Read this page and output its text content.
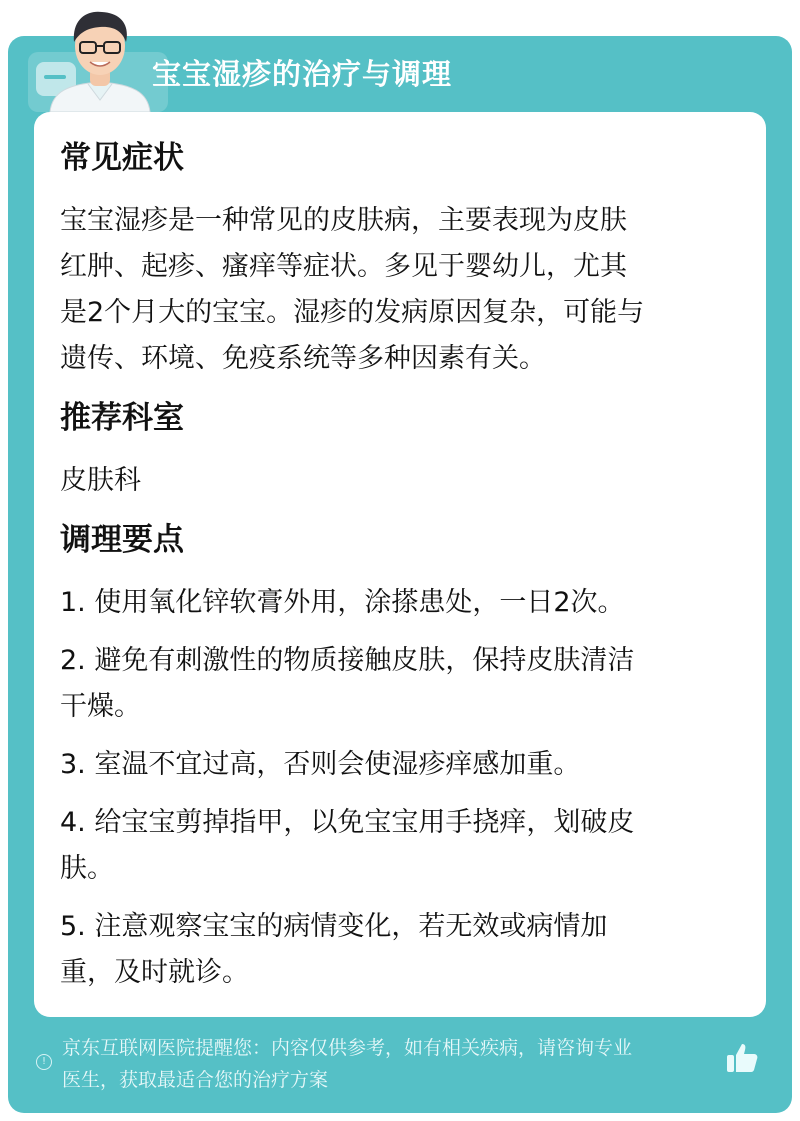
宝宝湿疹的治疗与调理
常见症状
宝宝湿疹是一种常见的皮肤病，主要表现为皮肤
红肿、起疹、瘙痒等症状。多见于婴幼儿，尤其
是2个月大的宝宝。湿疹的发病原因复杂，可能与
遗传、环境、免疫系统等多种因素有关。
推荐科室
皮肤科
调理要点
1. 使用氧化锌软膏外用，涂搽患处，一日2次。
2. 避免有刺激性的物质接触皮肤，保持皮肤清洁
干燥。
3. 室温不宜过高，否则会使湿疹痒感加重。
4. 给宝宝剪掉指甲，以免宝宝用手挠痒，划破皮
肤。
5. 注意观察宝宝的病情变化，若无效或病情加
重，及时就诊。
!
京东互联网医院提醒您：内容仅供参考，如有相关疾病，请咨询专业
医生，获取最适合您的治疗方案
